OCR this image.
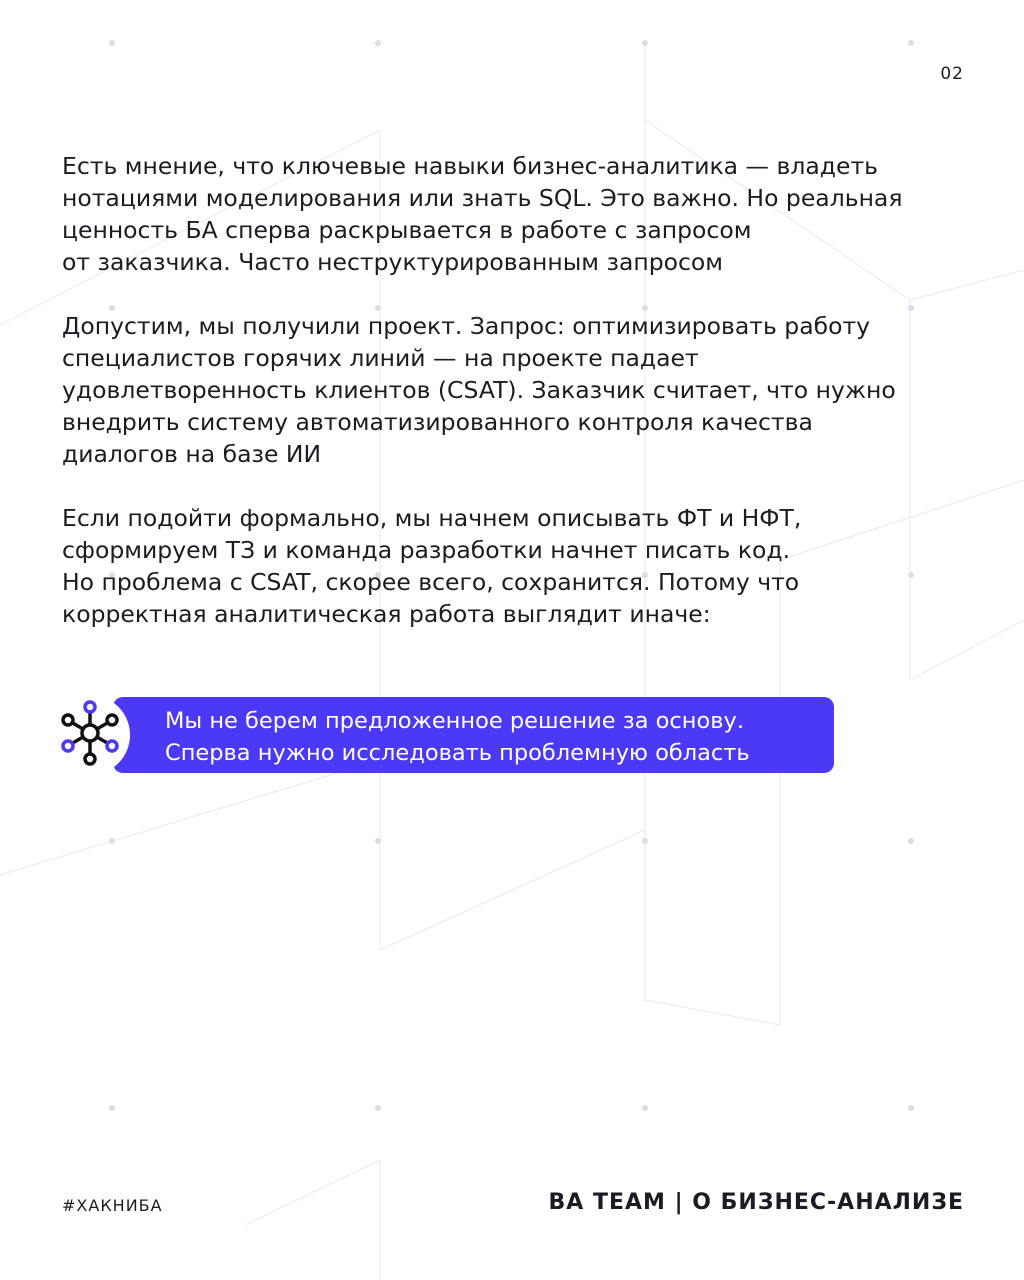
02

Есть мнение, что ключевые навыки бизнес-аналитика — владеть
нотациями моделирования или знать SQL. Это важно. Но реальная
ценность БА сперва раскрывается в работе с запросом
от заказчика. Часто неструктурированным запросом

Допустим, мы получили проект. Запрос: оптимизировать работу
специалистов горячих линий — на проекте падает
удовлетворенность клиентов (CSAT). Заказчик считает, что нужно
внедрить систему автоматизированного контроля качества
диалогов на базе ИИ

Если подойти формально, мы начнем описывать ФТ и НФТ,
сформируем ТЗ и команда разработки начнет писать код.
Но проблема с CSAT, скорее всего, сохранится. Потому что
корректная аналитическая работа выглядит иначе:

Мы не берем предложенное решение за основу.
Сперва нужно исследовать проблемную область
#ХАКНИБА	BA TEAM | О БИЗНЕС-АНАЛИЗЕ
